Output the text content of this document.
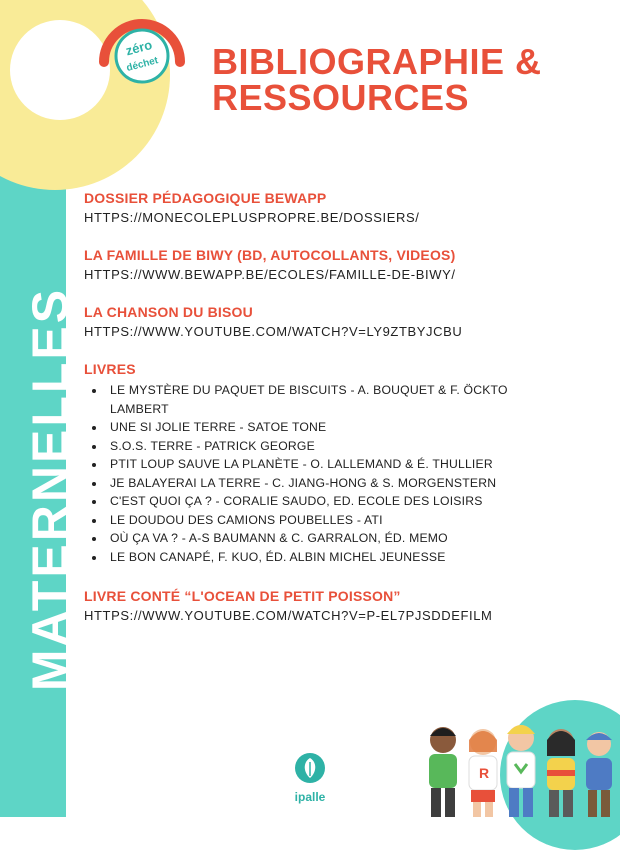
zéro
déchet BIBLIOGRAPHIE &
RESSOURCES
MATERNELLES
DOSSIER PÉDAGOGIQUE BEWAPP
HTTPS://MONECOLEPLUSPROPRE.BE/DOSSIERS/
LA FAMILLE DE BIWY (BD, AUTOCOLLANTS, VIDEOS)
HTTPS://WWW.BEWAPP.BE/ECOLES/FAMILLE-DE-BIWY/
LA CHANSON DU BISOU
HTTPS://WWW.YOUTUBE.COM/WATCH?V=LY9ZTBYJCBU
LIVRES
• LE MYSTÈRE DU PAQUET DE BISCUITS - A. BOUQUET & F. ÖCKTO LAMBERT
• UNE SI JOLIE TERRE - SATOE TONE
• S.O.S. TERRE - PATRICK GEORGE
• PTIT LOUP SAUVE LA PLANÈTE - O. LALLEMAND & É. THULLIER
• JE BALAYERAI LA TERRE - C. JIANG-HONG & S. MORGENSTERN
• C'EST QUOI ÇA ? - CORALIE SAUDO, ED. ECOLE DES LOISIRS
• LE DOUDOU DES CAMIONS POUBELLES - ATI
• OÙ ÇA VA ? - A-S BAUMANN & C. GARRALON, ÉD. MEMO
• LE BON CANAPÉ, F. KUO, ÉD. ALBIN MICHEL JEUNESSE
LIVRE CONTÉ “L'OCEAN DE PETIT POISSON”
HTTPS://WWW.YOUTUBE.COM/WATCH?V=P-EL7PJSDDEFILM
ipalle
R
